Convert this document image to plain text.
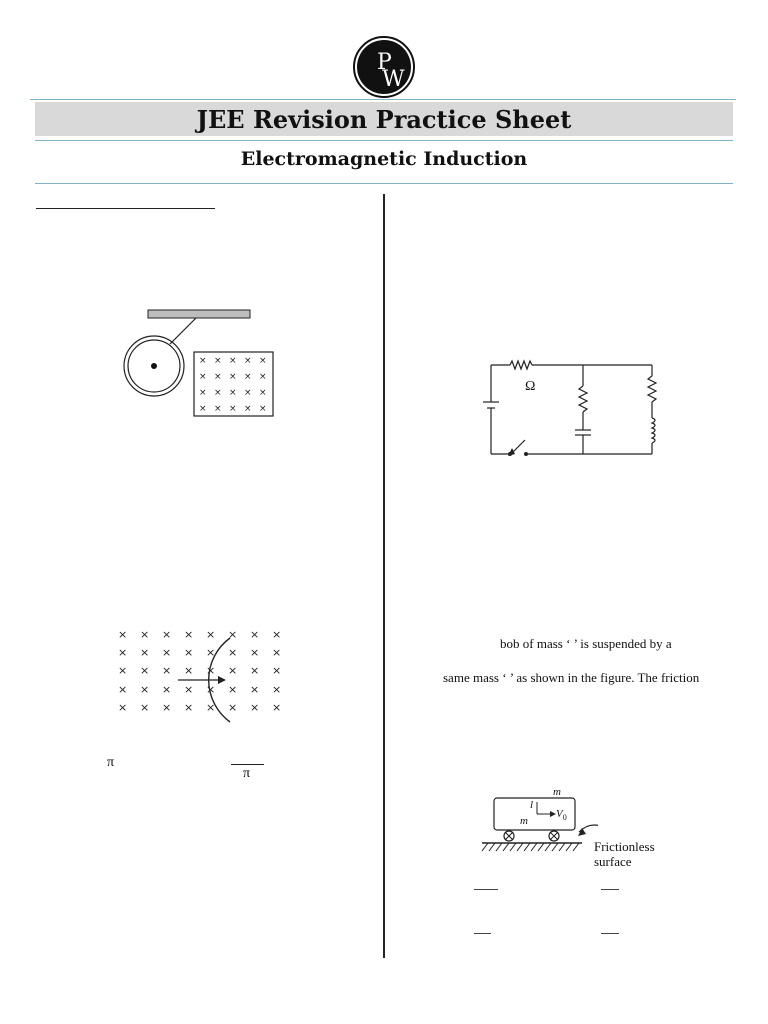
P
W
JEE Revision Practice Sheet
Electromagnetic Induction
× × × × ×
× × × × ×
× × × × ×
× × × × ×
× × × × × × × ×
× × × × × × × ×
× × × × × × × ×
× × × × × × × ×
× × × × × × × ×
π
π
Ω
bob of mass ‘ ’ is suspended by a
same mass ‘ ’ as shown in the figure. The friction
m
l
m
$V_0$
Frictionless
surface
